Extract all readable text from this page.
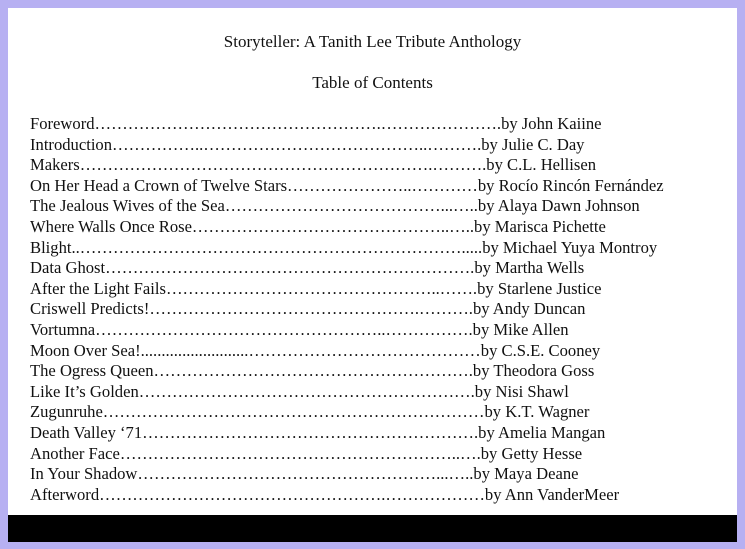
Storyteller: A Tanith Lee Tribute Anthology
Table of Contents
Foreword…………………………………………….………………….by John Kaiine
Introduction……………..…………………………………..……….by Julie C. Day
Makers……………………………………………………….……….by C.L. Hellisen
On Her Head a Crown of Twelve Stars…………………..…………by Rocío Rincón Fernández
The Jealous Wives of the Sea…………………………………...…..by Alaya Dawn Johnson
Where Walls Once Rose………………………………………..…..by Marisca Pichette
Blight..…………………………………………………………….....by Michael Yuya Montroy
Data Ghost………………………………………………………….by Martha Wells
After the Light Fails…………………………………………..…….by Starlene Justice
Criswell Predicts!………………………………………….……….by Andy Duncan
Vortumna……………………………………………..…………….by Mike Allen
Moon Over Sea!..........................……………………………………by C.S.E. Cooney
The Ogress Queen………………………………………………….by Theodora Goss
Like It’s Golden…………………………………………………….by Nisi Shawl
Zugunruhe……………………………………………………………by K.T. Wagner
Death Valley ‘71…………………………………………………….by Amelia Mangan
Another Face……………………………………………………..….by Getty Hesse
In Your Shadow………………………………………………...…..by Maya Deane
Afterword…………………………………………….………………by Ann VanderMeer
